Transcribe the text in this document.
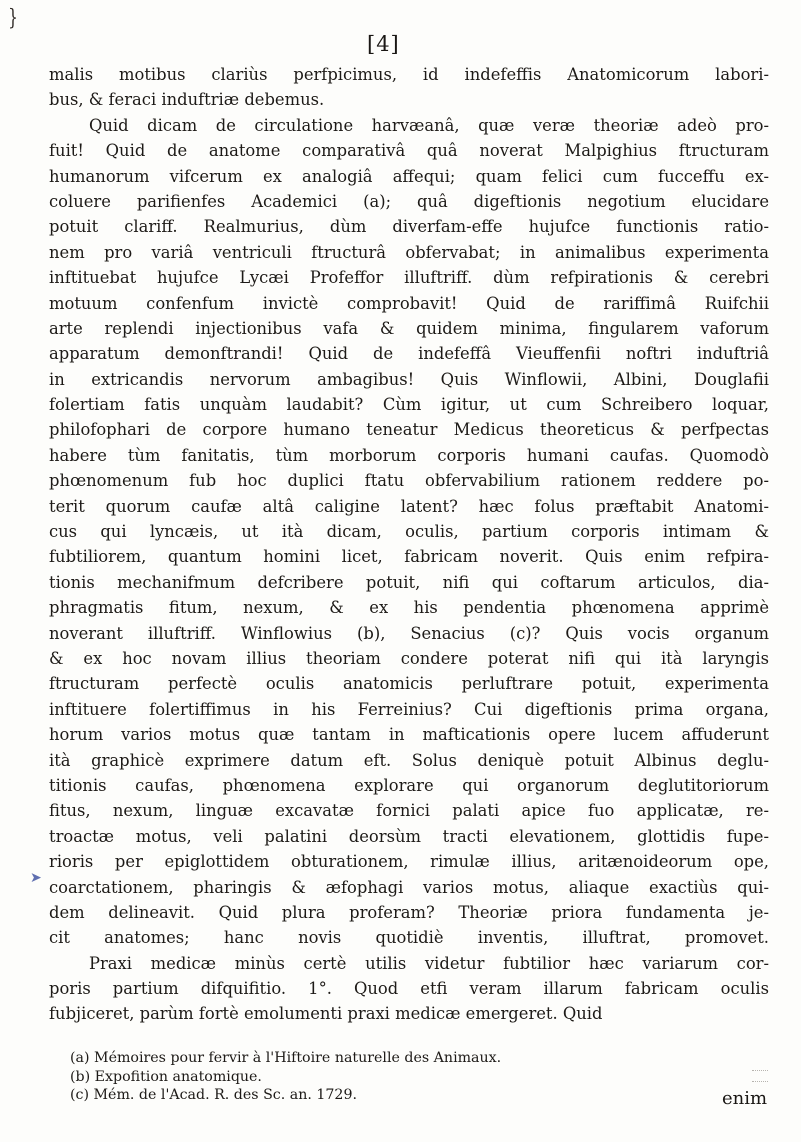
}
[4]
malis motibus clariùs perfpicimus, id indefeffis Anatomicorum labori-
bus, & feraci induftriæ debemus.
Quid dicam de circulatione harvæanâ, quæ veræ theoriæ adeò pro-
fuit! Quid de anatome comparativâ quâ noverat Malpighius ftructuram
humanorum vifcerum ex analogiâ affequi; quam felici cum fucceffu ex-
coluere parifienfes Academici (a); quâ digeftionis negotium elucidare
potuit clariff. Realmurius, dùm diverfam-effe hujufce functionis ratio-
nem pro variâ ventriculi ftructurâ obfervabat; in animalibus experimenta
inftituebat hujufce Lycæi Profeffor illuftriff. dùm refpirationis & cerebri
motuum confenfum invictè comprobavit! Quid de rariffimâ Ruifchii
arte replendi injectionibus vafa & quidem minima, fingularem vaforum
apparatum demonftrandi! Quid de indefeffâ Vieuffenfii noftri induftriâ
in extricandis nervorum ambagibus! Quis Winflowii, Albini, Douglafii
folertiam fatis unquàm laudabit? Cùm igitur, ut cum Schreibero loquar,
philofophari de corpore humano teneatur Medicus theoreticus & perfpectas
habere tùm fanitatis, tùm morborum corporis humani caufas. Quomodò
phœnomenum fub hoc duplici ftatu obfervabilium rationem reddere po-
terit quorum caufæ altâ caligine latent? hæc folus præftabit Anatomi-
cus qui lyncæis, ut ità dicam, oculis, partium corporis intimam &
fubtiliorem, quantum homini licet, fabricam noverit. Quis enim refpira-
tionis mechanifmum defcribere potuit, nifi qui coftarum articulos, dia-
phragmatis fitum, nexum, & ex his pendentia phœnomena apprimè
noverant illuftriff. Winflowius (b), Senacius (c)? Quis vocis organum
& ex hoc novam illius theoriam condere poterat nifi qui ità laryngis
ftructuram perfectè oculis anatomicis perluftrare potuit, experimenta
inftituere folertiffimus in his Ferreinius? Cui digeftionis prima organa,
horum varios motus quæ tantam in mafticationis opere lucem affuderunt
ità graphicè exprimere datum eft. Solus deniquè potuit Albinus deglu-
titionis caufas, phœnomena explorare qui organorum deglutitoriorum
fitus, nexum, linguæ excavatæ fornici palati apice fuo applicatæ, re-
troactæ motus, veli palatini deorsùm tracti elevationem, glottidis fupe-
rioris per epiglottidem obturationem, rimulæ illius, aritænoideorum ope,
coarctationem, pharingis & æfophagi varios motus, aliaque exactiùs qui-
dem delineavit. Quid plura proferam? Theoriæ priora fundamenta je-
cit anatomes; hanc novis quotidiè inventis, illuftrat, promovet.
Praxi medicæ minùs certè utilis videtur fubtilior hæc variarum cor-
poris partium difquifitio. 1°. Quod etfi veram illarum fabricam oculis
fubjiceret, parùm fortè emolumenti praxi medicæ emergeret. Quid
➤
(a) Mémoires pour fervir à l'Hiftoire naturelle des Animaux.
(b) Expofition anatomique.
(c) Mém. de l'Acad. R. des Sc. an. 1729.	enim
